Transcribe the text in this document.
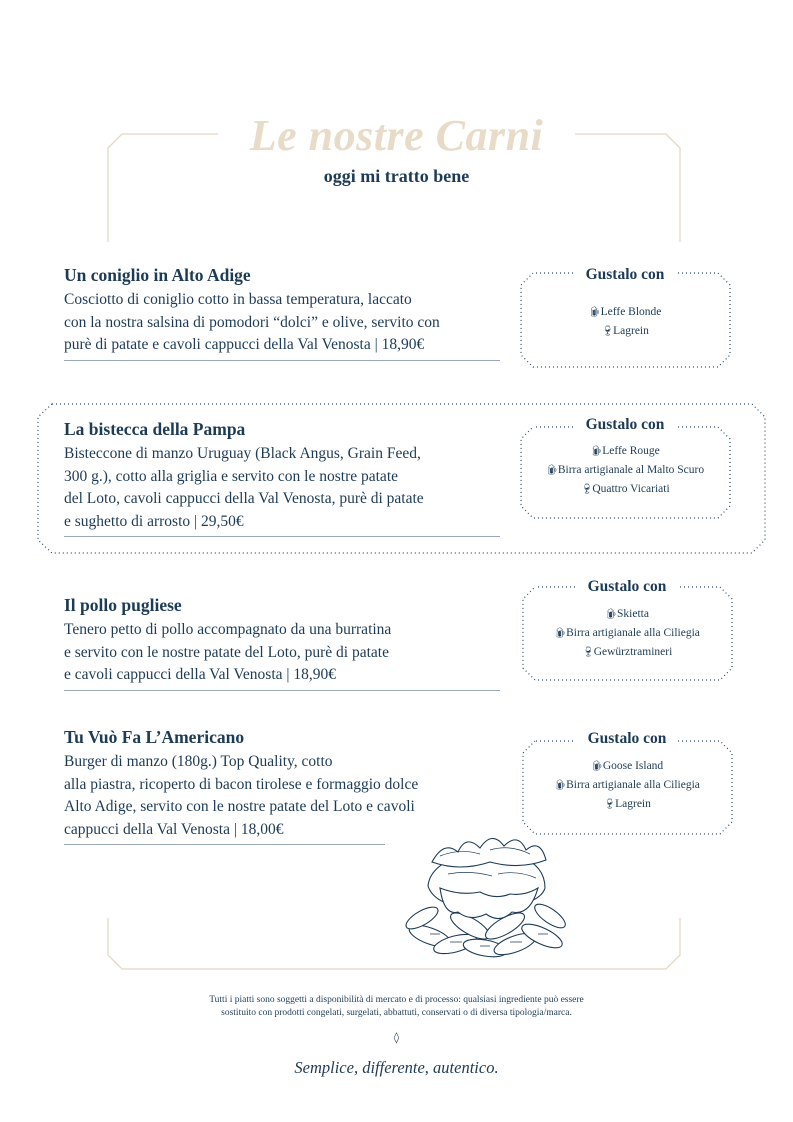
Le nostre Carni
oggi mi tratto bene
Un coniglio in Alto Adige
Cosciotto di coniglio cotto in bassa temperatura, laccato
con la nostra salsina di pomodori “dolci” e olive, servito con
purè di patate e cavoli cappucci della Val Venosta | 18,90€
La bistecca della Pampa
Bisteccone di manzo Uruguay (Black Angus, Grain Feed,
300 g.), cotto alla griglia e servito con le nostre patate
del Loto, cavoli cappucci della Val Venosta, purè di patate
e sughetto di arrosto | 29,50€
Il pollo pugliese
Tenero petto di pollo accompagnato da una burratina
e servito con le nostre patate del Loto, purè di patate
e cavoli cappucci della Val Venosta | 18,90€
Tu Vuò Fa L’Americano
Burger di manzo (180g.) Top Quality, cotto
alla piastra, ricoperto di bacon tirolese e formaggio dolce
Alto Adige, servito con le nostre patate del Loto e cavoli
cappucci della Val Venosta | 18,00€
Gustalo con
🍺︎Leffe Blonde
🍷︎Lagrein
Gustalo con
🍺︎Leffe Rouge
🍺︎Birra artigianale al Malto Scuro
🍷︎Quattro Vicariati
Gustalo con
🍺︎Skietta
🍺︎Birra artigianale alla Ciliegia
🍷︎Gewürztramineri
Gustalo con
🍺︎Goose Island
🍺︎Birra artigianale alla Ciliegia
🍷︎Lagrein
Tutti i piatti sono soggetti a disponibilità di mercato e di processo: qualsiasi ingrediente può essere
sostituito con prodotti congelati, surgelati, abbattuti, conservati o di diversa tipologia/marca.
◊
Semplice, differente, autentico.
